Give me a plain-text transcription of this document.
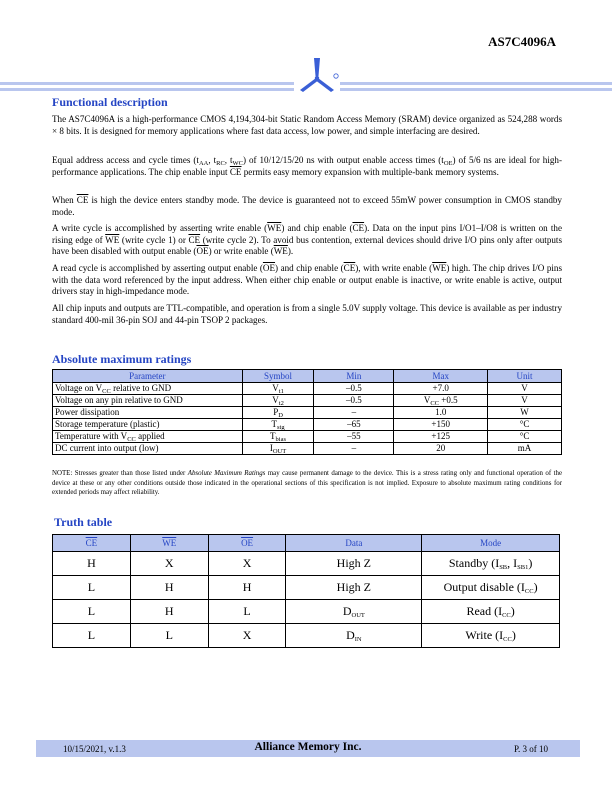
AS7C4096A
Functional description

The AS7C4096A is a high-performance CMOS 4,194,304-bit Static Random Access Memory (SRAM) device organized as 524,288 words × 8 bits. It is designed for memory applications where fast data access, low power, and simple interfacing are desired.

Equal address access and cycle times ($t_{AA}$, $t_{RC}$, $t_{WC}$) of 10/12/15/20 ns with output enable access times $(t_{OE})$ of 5/6 ns are ideal for high-performance applications. The chip enable input $\overline{CE}$ permits easy memory expansion with multiple-bank memory systems.

When $\overline{CE}$ is high the device enters standby mode. The device is guaranteed not to exceed 55mW power consumption in CMOS standby mode.

A write cycle is accomplished by asserting write enable $(\overline{WE})$ and chip enable $(\overline{CE})$. Data on the input pins I/O1–I/O8 is written on the rising edge of $\overline{WE}$ (write cycle 1) or $\overline{CE}$ (write cycle 2). To avoid bus contention, external devices should drive I/O pins only after outputs have been disabled with output enable $(\overline{OE})$ or write enable $(\overline{WE})$.

A read cycle is accomplished by asserting output enable $(\overline{OE})$ and chip enable $(\overline{CE})$, with write enable $(\overline{WE})$ high. The chip drives I/O pins with the data word referenced by the input address. When either chip enable or output enable is inactive, or write enable is active, output drivers stay in high-impedance mode.

All chip inputs and outputs are TTL-compatible, and operation is from a single 5.0V supply voltage. This device is available as per industry standard 400-mil 36-pin SOJ and 44-pin TSOP 2 packages.

Absolute maximum ratings
Parameter	Symbol	Min	Max	Unit
Voltage on $V_{CC}$ relative to GND	$V_{t1}$	–0.5	+7.0	V
Voltage on any pin relative to GND	$V_{t2}$	–0.5	$V_{CC} +0.5$	V
Power dissipation	$P_D$	–	1.0	W
Storage temperature (plastic)	$T_{stg}$	–65	+150	°C
Temperature with $V_{CC}$ applied	$T_{bias}$	–55	+125	°C
DC current into output (low)	$I_{OUT}$	–	20	mA

NOTE: Stresses greater than those listed under Absolute Maximum Ratings may cause permanent damage to the device. This is a stress rating only and functional operation of the device at these or any other conditions outside those indicated in the operational sections of this specification is not implied. Exposure to absolute maximum rating conditions for extended periods may affect reliability.

Truth table
$\overline{CE}$	$\overline{WE}$	$\overline{OE}$	Data	Mode
H	X	X	High Z	Standby ($I_{SB}$, $I_{SB1}$)
L	H	H	High Z	Output disable $(I_{CC})$
L	H	L	$D_{OUT}$	Read $(I_{CC})$
L	L	X	$D_{IN}$	Write $(I_{CC})$
10/15/2021, v.1.3	Alliance Memory Inc.	P. 3 of 10
